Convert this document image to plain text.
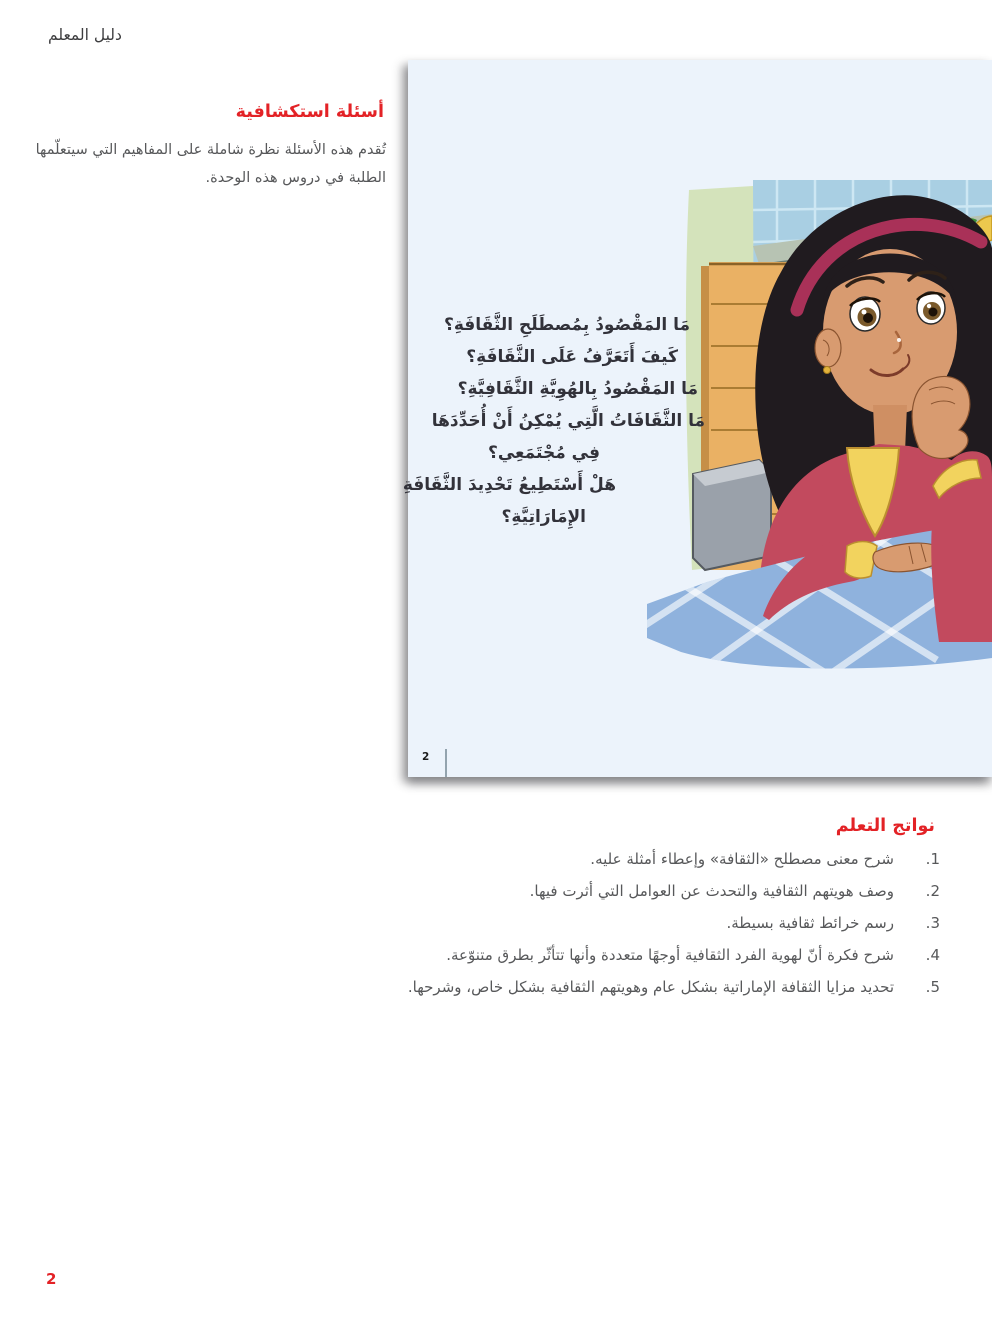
دليل المعلم
أسئلة استكشافية
تُقدم هذه الأسئلة نظرة شاملة على المفاهيم التي سيتعلّمها
الطلبة في دروس هذه الوحدة.
مَا المَقْصُودُ بِمُصطَلَحِ الثَّقَافَةِ؟
كَيفَ أَتَعَرَّفُ عَلَى الثَّقَافَةِ؟
مَا المَقْصُودُ بِالهُوِيَّةِ الثَّقَافِيَّةِ؟
مَا الثَّقَافَاتُ الَّتِي يُمْكِنُ أَنْ أُحَدِّدَهَا
فِي مُجْتَمَعِي؟
هَلْ أَسْتَطِيعُ تَحْدِيدَ الثَّقَافَةِ
الإِمَارَاتِيَّةِ؟
2
نواتج التعلم
1.
شرح معنى مصطلح «الثقافة» وإعطاء أمثلة عليه.
2.
وصف هويتهم الثقافية والتحدث عن العوامل التي أثرت فيها.
3.
رسم خرائط ثقافية بسيطة.
4.
شرح فكرة أنّ لهوية الفرد الثقافية أوجهًا متعددة وأنها تتأثّر بطرق متنوّعة.
5.
تحديد مزايا الثقافة الإماراتية بشكل عام وهويتهم الثقافية بشكل خاص، وشرحها.
2
